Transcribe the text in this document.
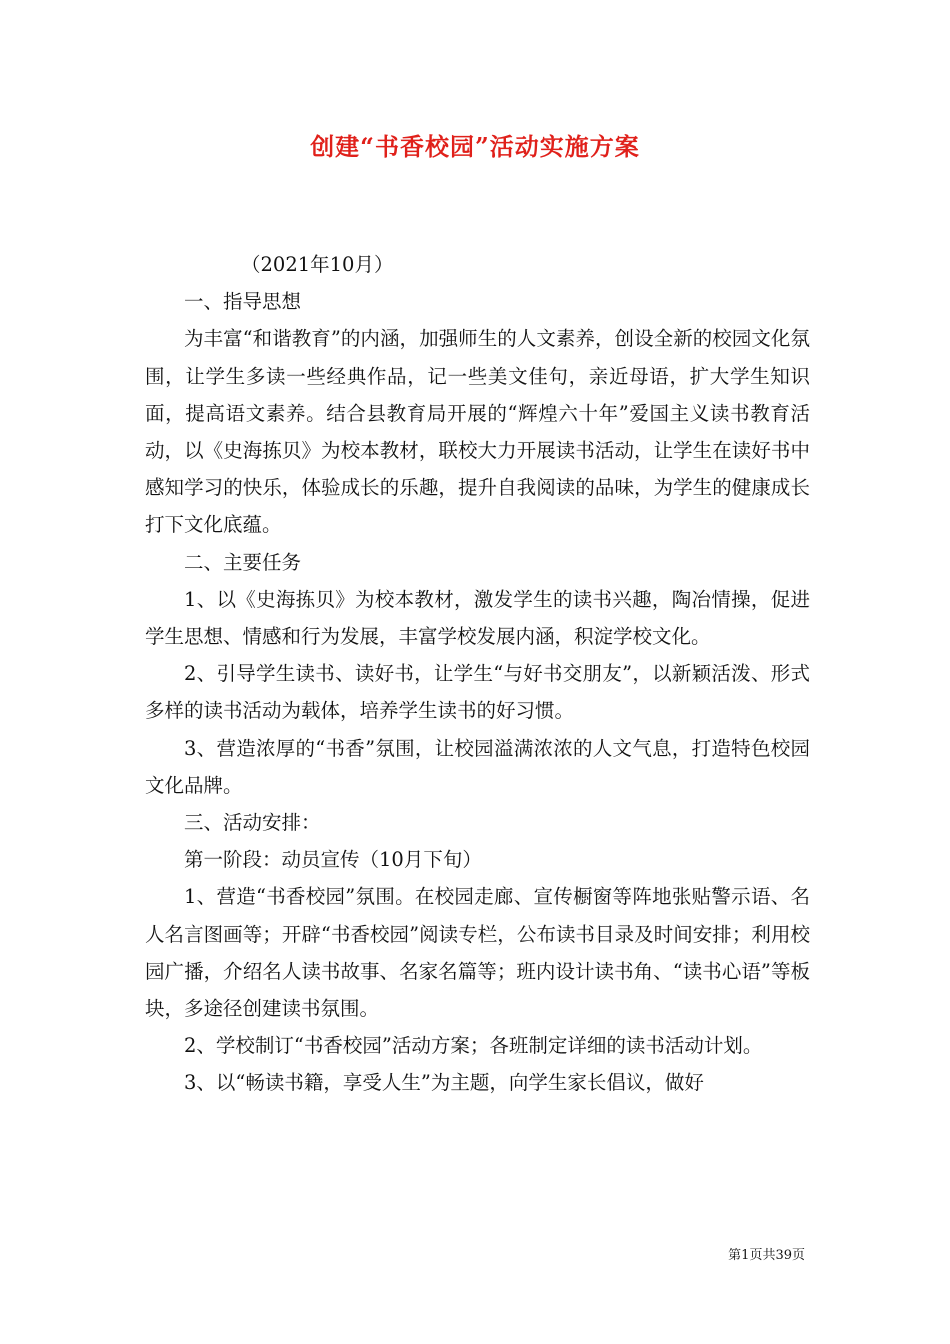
创建“书香校园”活动实施方案

（2021年10月）

一、指导思想

为丰富“和谐教育”的内涵，加强师生的人文素养，创设全新的校园文化氛围，让学生多读一些经典作品，记一些美文佳句，亲近母语，扩大学生知识面，提高语文素养。结合县教育局开展的“辉煌六十年”爱国主义读书教育活动，以《史海拣贝》为校本教材，联校大力开展读书活动，让学生在读好书中感知学习的快乐，体验成长的乐趣，提升自我阅读的品味，为学生的健康成长打下文化底蕴。

二、主要任务

1、以《史海拣贝》为校本教材，激发学生的读书兴趣，陶冶情操，促进学生思想、情感和行为发展，丰富学校发展内涵，积淀学校文化。

2、引导学生读书、读好书，让学生“与好书交朋友”，以新颖活泼、形式多样的读书活动为载体，培养学生读书的好习惯。

3、营造浓厚的“书香”氛围，让校园溢满浓浓的人文气息，打造特色校园文化品牌。

三、活动安排：

第一阶段：动员宣传（10月下旬）

1、营造“书香校园”氛围。在校园走廊、宣传橱窗等阵地张贴警示语、名人名言图画等；开辟“书香校园”阅读专栏，公布读书目录及时间安排；利用校园广播，介绍名人读书故事、名家名篇等；班内设计读书角、“读书心语”等板块，多途径创建读书氛围。

2、学校制订“书香校园”活动方案；各班制定详细的读书活动计划。

3、以“畅读书籍，享受人生”为主题，向学生家长倡议，做好

第1页共39页
